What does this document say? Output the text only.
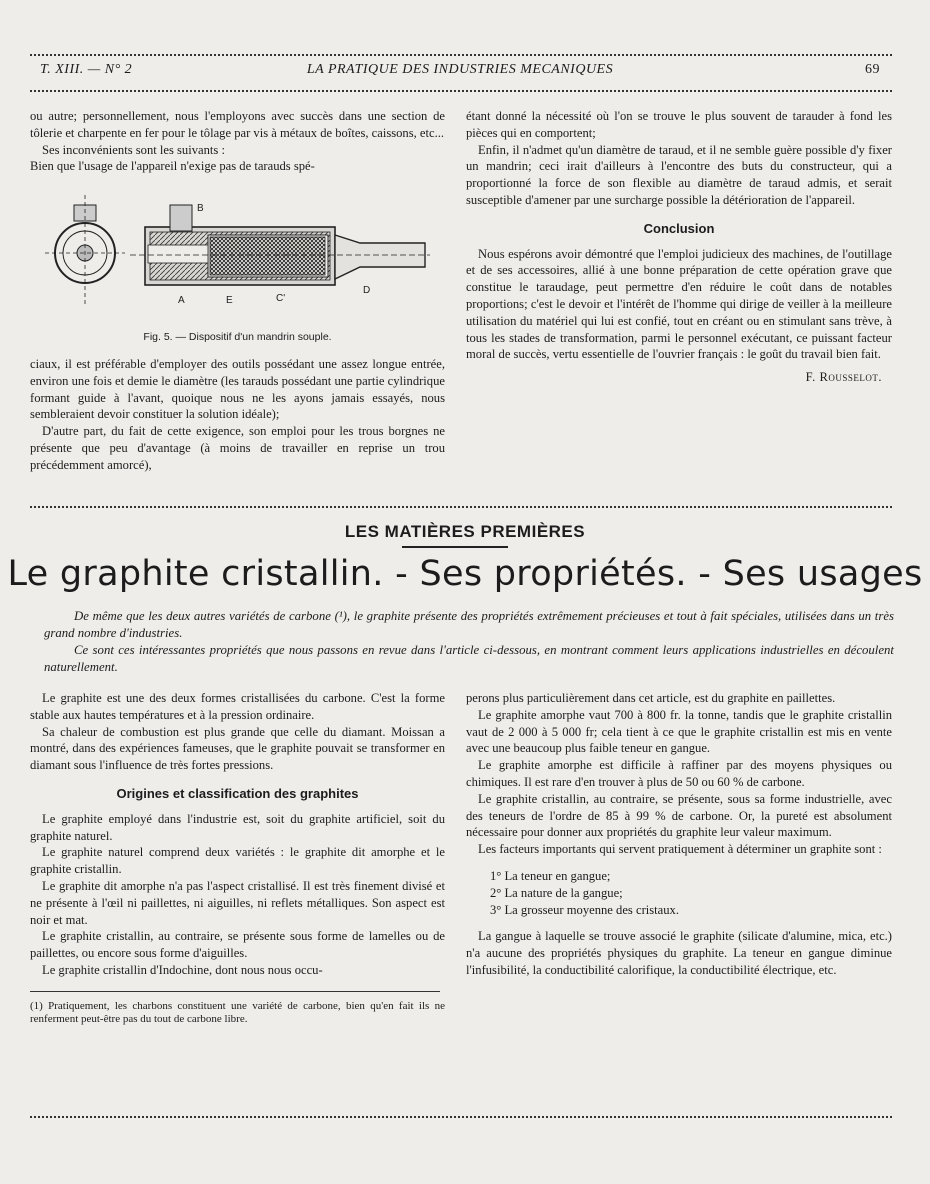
T. XIII. — N° 2	LA PRATIQUE DES INDUSTRIES MECANIQUES	69

ou autre; personnellement, nous l'employons avec succès dans une section de tôlerie et charpente en fer pour le tôlage par vis à métaux de boîtes, caissons, etc...

Ses inconvénients sont les suivants :

Bien que l'usage de l'appareil n'exige pas de tarauds spé-

B
A	E	C'
D
Fig. 5. — Dispositif d'un mandrin souple.

ciaux, il est préférable d'employer des outils possédant une assez longue entrée, environ une fois et demie le diamètre (les tarauds possédant une partie cylindrique formant guide à l'avant, quoique nous ne les ayons jamais essayés, nous sembleraient devoir constituer la solution idéale);

D'autre part, du fait de cette exigence, son emploi pour les trous borgnes ne présente que peu d'avantage (à moins de travailler en reprise un trou précédemment amorcé),

étant donné la nécessité où l'on se trouve le plus souvent de tarauder à fond les pièces qui en comportent;

Enfin, il n'admet qu'un diamètre de taraud, et il ne semble guère possible d'y fixer un mandrin; ceci irait d'ailleurs à l'encontre des buts du constructeur, qui a proportionné la force de son flexible au diamètre de taraud admis, et serait susceptible d'amener par une surcharge possible la détérioration de l'appareil.

Conclusion

Nous espérons avoir démontré que l'emploi judicieux des machines, de l'outillage et de ses accessoires, allié à une bonne préparation de cette opération grave que constitue le taraudage, peut permettre d'en réduire le coût dans de notables proportions; c'est le devoir et l'intérêt de l'homme qui dirige de veiller à la meilleure utilisation du matériel qui lui est confié, tout en créant ou en stimulant sans trève, à tous les stades de transformation, parmi le personnel exécutant, ce puissant facteur moral de succès, vertu essentielle de l'ouvrier français : le goût du travail bien fait.

F. Rousselot.
LES MATIÈRES PREMIÈRES
Le graphite cristallin. - Ses propriétés. - Ses usages

De même que les deux autres variétés de carbone (¹), le graphite présente des propriétés extrêmement précieuses et tout à fait spéciales, utilisées dans un très grand nombre d'industries.

Ce sont ces intéressantes propriétés que nous passons en revue dans l'article ci-dessous, en montrant comment leurs applications industrielles en découlent naturellement.

Le graphite est une des deux formes cristallisées du carbone. C'est la forme stable aux hautes températures et à la pression ordinaire.

Sa chaleur de combustion est plus grande que celle du diamant. Moissan a montré, dans des expériences fameuses, que le graphite pouvait se transformer en diamant sous l'influence de très fortes pressions.

Origines et classification des graphites

Le graphite employé dans l'industrie est, soit du graphite artificiel, soit du graphite naturel.

Le graphite naturel comprend deux variétés : le graphite dit amorphe et le graphite cristallin.

Le graphite dit amorphe n'a pas l'aspect cristallisé. Il est très finement divisé et ne présente à l'œil ni paillettes, ni aiguilles, ni reflets métalliques. Son aspect est noir et mat.

Le graphite cristallin, au contraire, se présente sous forme de lamelles ou de paillettes, ou encore sous forme d'aiguilles.

Le graphite cristallin d'Indochine, dont nous nous occu-

(1) Pratiquement, les charbons constituent une variété de carbone, bien qu'en fait ils ne renferment peut-être pas du tout de carbone libre.

perons plus particulièrement dans cet article, est du graphite en paillettes.

Le graphite amorphe vaut 700 à 800 fr. la tonne, tandis que le graphite cristallin vaut de 2 000 à 5 000 fr; cela tient à ce que le graphite cristallin est mis en vente avec une beaucoup plus faible teneur en gangue.

Le graphite amorphe est difficile à raffiner par des moyens physiques ou chimiques. Il est rare d'en trouver à plus de 50 ou 60 % de carbone.

Le graphite cristallin, au contraire, se présente, sous sa forme industrielle, avec des teneurs de l'ordre de 85 à 99 % de carbone. Or, la pureté est absolument nécessaire pour donner aux propriétés du graphite leur valeur maximum.

Les facteurs importants qui servent pratiquement à déterminer un graphite sont :

1° La teneur en gangue;

2° La nature de la gangue;

3° La grosseur moyenne des cristaux.

La gangue à laquelle se trouve associé le graphite (silicate d'alumine, mica, etc.) n'a aucune des propriétés physiques du graphite. La teneur en gangue diminue l'infusibilité, la conductibilité calorifique, la conductibilité électrique, etc.
